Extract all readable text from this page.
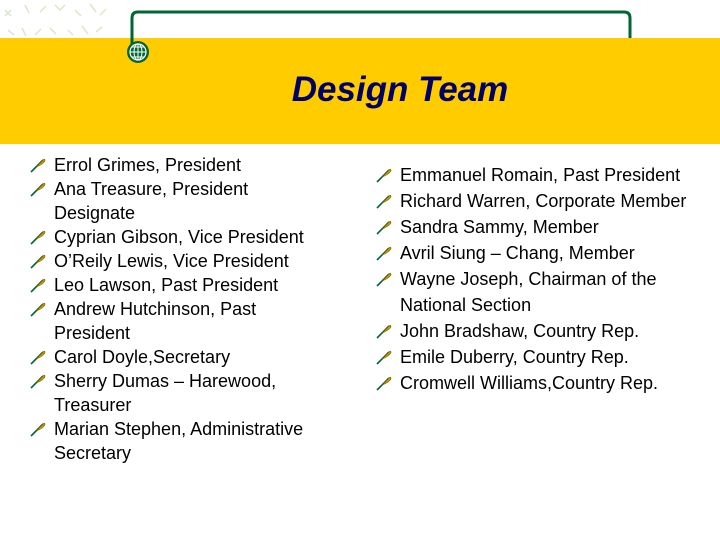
Design Team
Errol Grimes, President
Ana Treasure, President Designate
Cyprian Gibson, Vice President
O’Reily Lewis, Vice President
Leo Lawson, Past President
Andrew Hutchinson, Past President
Carol Doyle,Secretary
Sherry Dumas – Harewood, Treasurer
Marian Stephen, Administrative Secretary
Emmanuel Romain, Past President
Richard Warren, Corporate Member
Sandra Sammy, Member
Avril Siung – Chang, Member
Wayne Joseph, Chairman of the National Section
John Bradshaw, Country Rep.
Emile Duberry, Country Rep.
Cromwell Williams,Country Rep.
